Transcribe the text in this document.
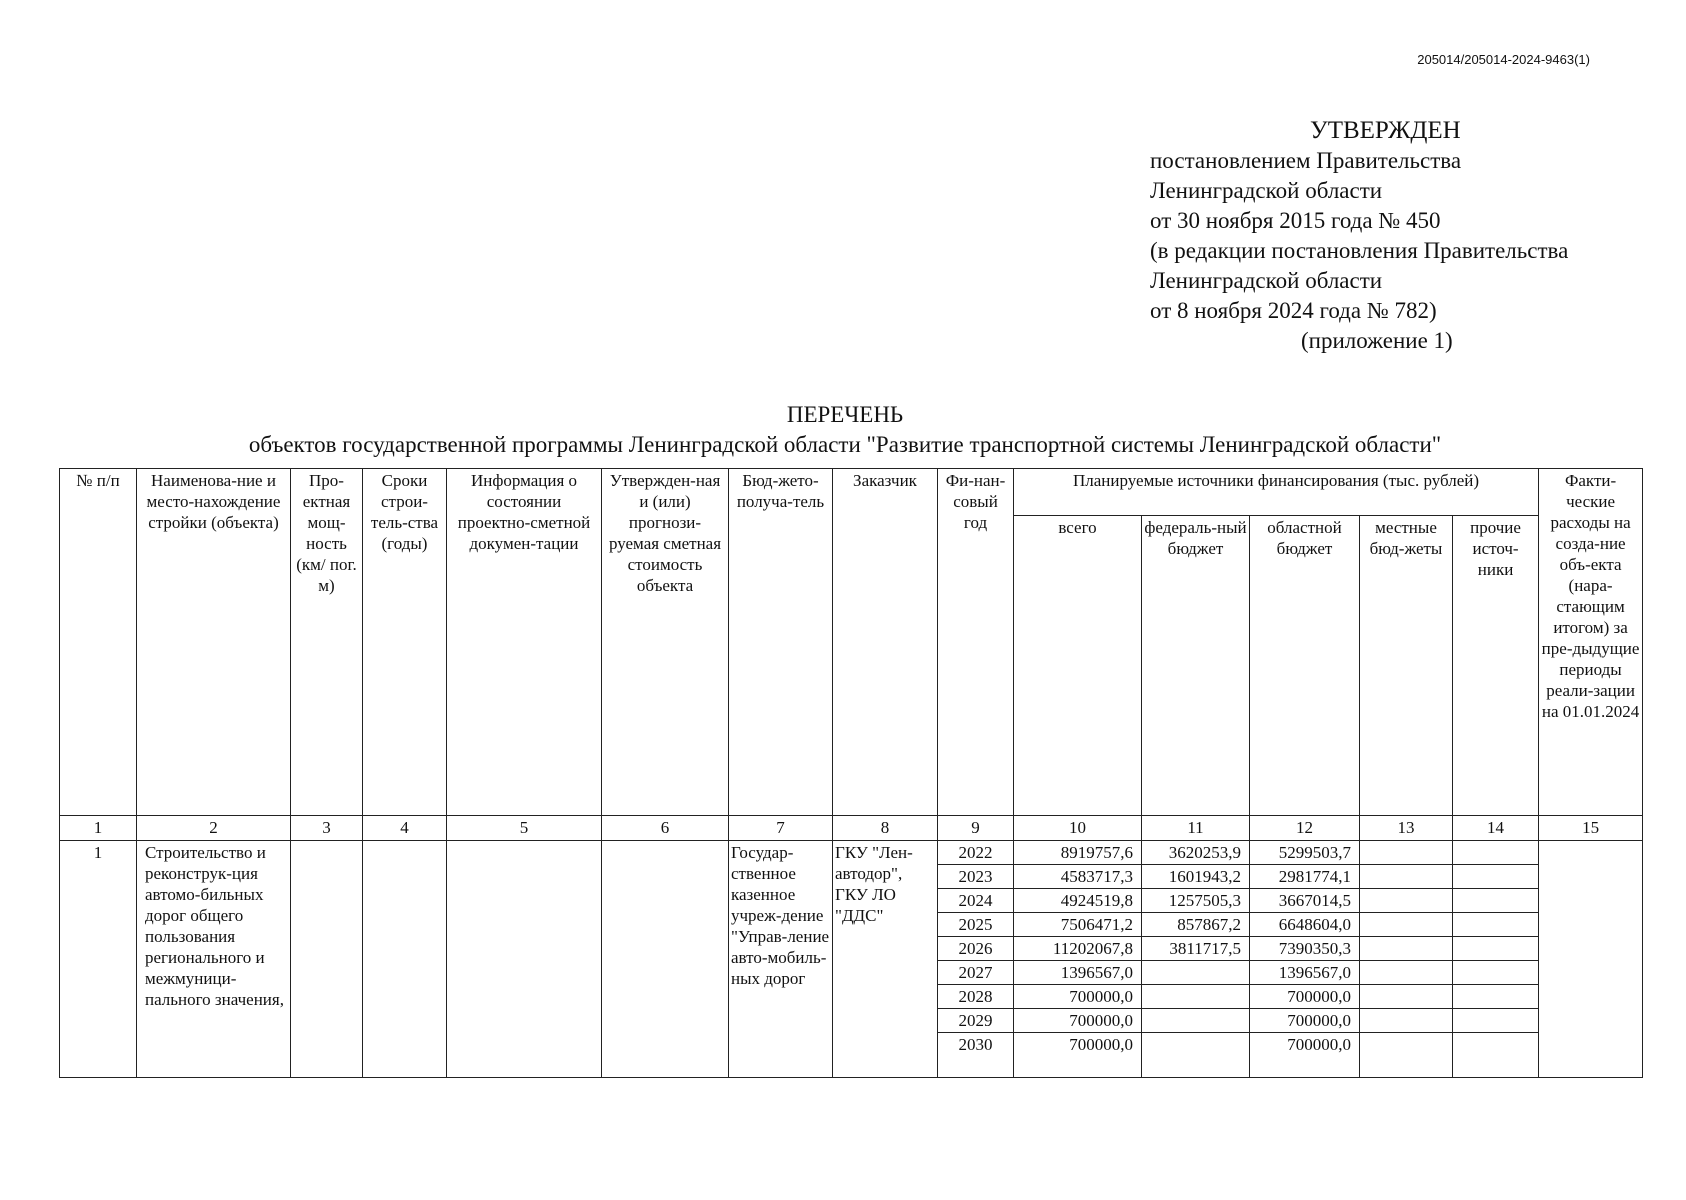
205014/205014-2024-9463(1)
УТВЕРЖДЕН
постановлением Правительства
Ленинградской области
от 30 ноября 2015 года № 450
(в редакции постановления Правительства
Ленинградской области
от 8 ноября 2024 года № 782)
(приложение 1)
ПЕРЕЧЕНЬ
объектов государственной программы Ленинградской области "Развитие транспортной системы Ленинградской области"
№ п/п	Наименова-ние и место-нахождение стройки (объекта)	Про-ектная мощ-ность (км/ пог. м)	Сроки строи-тель-ства (годы)	Информация о состоянии проектно-сметной докумен-тации	Утвержден-ная и (или) прогнози-руемая сметная стоимость объекта	Бюд-жето-получа-тель	Заказчик	Фи-нан-совый год	Планируемые источники финансирования (тыс. рублей)					Факти-ческие расходы на созда-ние объ-екта (нара-стающим итогом) за пре-дыдущие периоды реали-зации на 01.01.2024
									всего	федераль-ный бюджет	областной бюджет	местные бюд-жеты	прочие источ-ники	
1	2	3	4	5	6	7	8	9	10	11	12	13	14	15
1	Строительство и реконструк-ция автомо-бильных дорог общего пользования регионального и межмуници-пального значения,					Государ-ственное казенное учреж-дение "Управ-ление авто-мобиль-ных дорог	ГКУ "Лен-автодор", ГКУ ЛО "ДДС"	2022	8919757,6	3620253,9	5299503,7			
								2023	4583717,3	1601943,2	2981774,1			
								2024	4924519,8	1257505,3	3667014,5			
								2025	7506471,2	857867,2	6648604,0			
								2026	11202067,8	3811717,5	7390350,3			
								2027	1396567,0		1396567,0			
								2028	700000,0		700000,0			
								2029	700000,0		700000,0			
								2030	700000,0		700000,0			
